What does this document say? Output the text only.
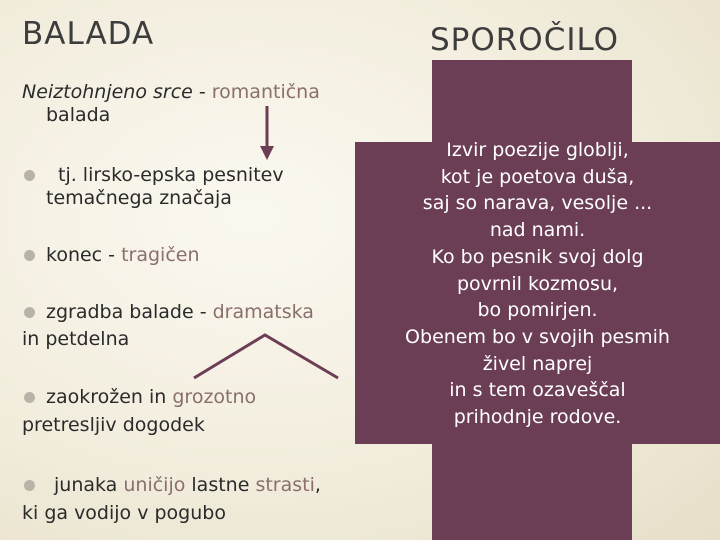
BALADA	SPOROČILO
Neiztohnjeno srce - romantična
balada
tj. lirsko-epska pesnitev
temačnega značaja
konec - tragičen
zgradba balade - dramatska
in petdelna
zaokrožen in grozotno
pretresljiv dogodek
junaka uničijo lastne strasti,
ki ga vodijo v pogubo
Izvir poezije globlji,
kot je poetova duša,
saj so narava, vesolje ...
nad nami.
Ko bo pesnik svoj dolg
povrnil kozmosu,
bo pomirjen.
Obenem bo v svojih pesmih
živel naprej
in s tem ozaveščal
prihodnje rodove.
